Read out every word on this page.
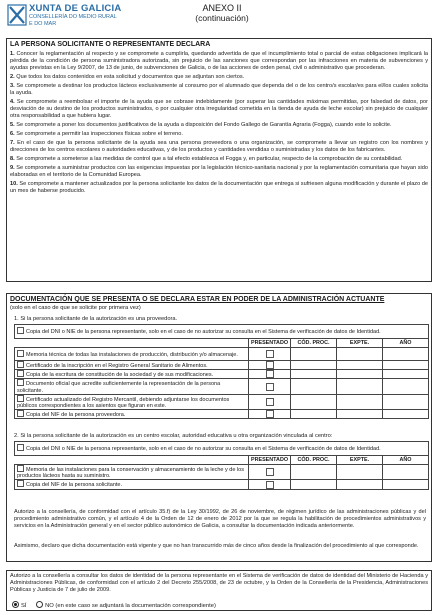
XUNTA DE GALICIA
CONSELLERÍA DO MEDIO RURAL
E DO MAR
ANEXO II
(continuación)
LA PERSONA SOLICITANTE O REPRESENTANTE DECLARA
1. Conocer la reglamentación al respecto y se compromete a cumplirla, quedando advertida de que el incumplimiento total o parcial de estas obligaciones implicará la pérdida de la condición de persona suministradora autorizada, sin prejuicio de las sanciones que correspondan por las infracciones en materia de subvenciones y ayudas previstas en la Ley 9/2007, de 13 de junio, de subvenciones de Galicia, o de las acciones de orden penal, civil o administrativo que procederan.
2. Que todos los datos contenidos en esta solicitud y documentos que se adjuntan son ciertos.
3. Se compromete a destinar los productos lácteos exclusivamente al consumo por el alumnado que dependa del o de los centro/s escolar/es para el/los cuales solicita la ayuda.
4. Se compromete a reembolsar el importe de la ayuda que se cobrase indebidamente (por superar las cantidades máximas permitidas, por falsedad de datos, por desviación de su destino de los productos suministrados, o por cualquier otra irregularidad cometida en la tienda de ayuda de leche escolar) sin prejuicio de cualquier otra responsabilidad a que hubiera lugar.
5. Se compromete a poner los documentos justificativos de la ayuda a disposición del Fondo Gallego de Garantía Agraria (Fogga), cuando este lo solicite.
6. Se compromete a permitir las inspecciones físicas sobre el terreno.
7. En el caso de que la persona solicitante de la ayuda sea una persona proveedora o una organización, se compromete a llevar un registro con los nombres y direcciones de los centros escolares o autoridades educativas, y de los productos y cantidades vendidas o suministradas y los datos de los fabricantes.
8. Se compromete a someterse a las medidas de control que a tal efecto establezca el Fogga y, en particular, respecto de la comprobación de su contabilidad.
9. Se compromete a suministrar productos con las exigencias impuestas por la legislación técnico-sanitaria nacional y por la reglamentación comunitaria que hayan sido elaboradas en el territorio de la Comunidad Europea.
10. Se compromete a mantener actualizados por la persona solicitante los datos de la documentación que entrega si sufriesen alguna modificación y durante el plazo de un mes de haberse producido.
DOCUMENTACIÓN QUE SE PRESENTA O SE DECLARA ESTAR EN PODER DE LA ADMINISTRACIÓN ACTUANTE
(solo en el caso de que se solicite por primera vez)
1. Si la persona solicitante de la autorización es una proveedora.
Copia del DNI o NIE de la persona representante, solo en el caso de no autorizar su consulta en el Sistema de verificación de datos de Identidad.				
	PRESENTADO	CÓD. PROC.	EXPTE.	AÑO
Memoria técnica de todas las instalaciones de producción, distribución y/o almacenaje.				
Certificado de la inscripción en el Registro General Sanitario de Alimentos.				
Copia de la escritura de constitución de la sociedad y de sus modificaciones.				
Documento oficial que acredite suficientemente la representación de la persona solicitante.				
Certificado actualizado del Registro Mercantil, debiendo adjuntarse los documentos públicos correspondientes a los asientos que figuran en este.				
Copia del NIF de la persona proveedora.				
2. Si la persona solicitante de la autorización es un centro escolar, autoridad educativa u otra organización vinculada al centro:
Copia del DNI o NIE de la persona representante, solo en el caso de no autorizar su consulta en el Sistema de verificación de datos de Identidad.				
	PRESENTADO	CÓD. PROC.	EXPTE.	AÑO
Memoria de las instalaciones para la conservación y almacenamiento de la leche y de los productos lácteos hasta su suministro.				
Copia del NIF de la persona solicitante.				
Autorizo a la consellería, de conformidad con el artículo 35.f) de la Ley 30/1992, de 26 de noviembre, de régimen jurídico de las administraciones públicas y del procedimiento administrativo común, y el artículo 4 de la Orden de 12 de enero de 2012 por la que se regula la habilitación de procedimientos administrativos y servicios en la Administración general y en el sector público autonómico de Galicia, a consultar la documentación indicada anteriormente.
Asimismo, declaro que dicha documentación está vigente y que no han transcurrido más de cinco años desde la finalización del procedimiento al que corresponde.
Autorizo a la consellería a consultar los datos de identidad de la persona representante en el Sistema de verificación de datos de identidad del Ministerio de Hacienda y Administraciones Públicas, de conformidad con el artículo 2 del Decreto 255/2008, de 23 de octubre, y la Orden de la Consellería de la Presidencia, Administraciones Públicas y Justicia de 7 de julio de 2009.
SÍ	NO (en este caso se adjuntará la documentación correspondiente)
